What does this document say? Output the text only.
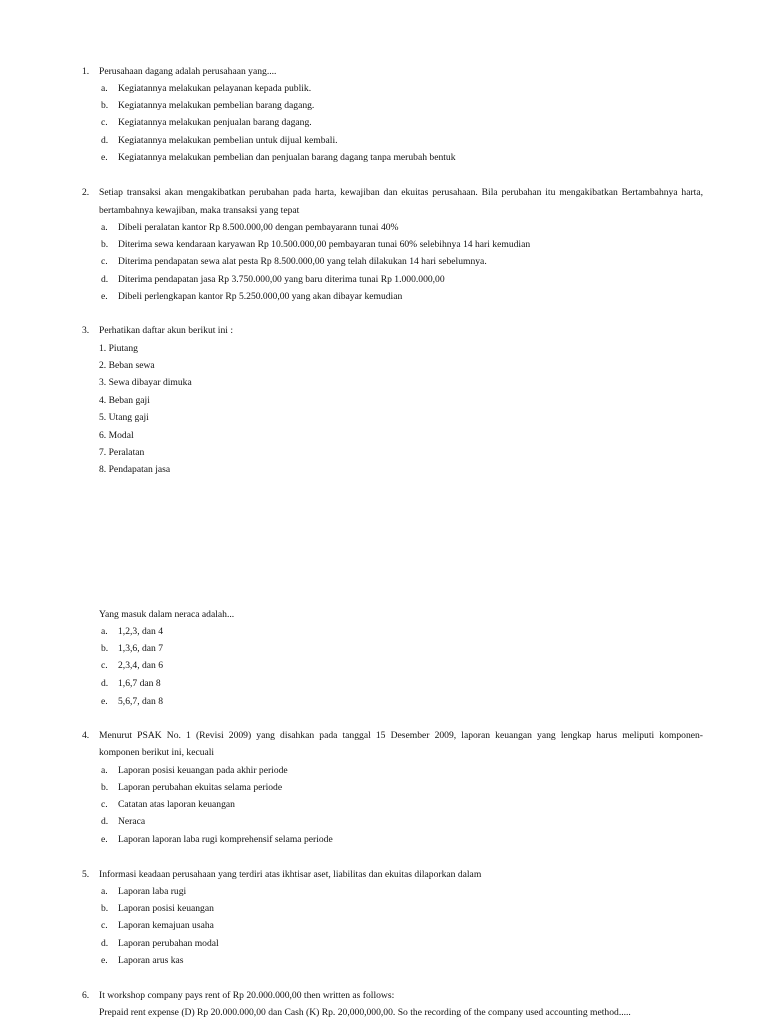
1. Perusahaan dagang adalah perusahaan yang....
a. Kegiatannya melakukan pelayanan kepada publik.
b. Kegiatannya melakukan pembelian barang dagang.
c. Kegiatannya melakukan penjualan barang dagang.
d. Kegiatannya melakukan pembelian untuk dijual kembali.
e. Kegiatannya melakukan pembelian dan penjualan barang dagang tanpa merubah bentuk
2. Setiap transaksi akan mengakibatkan perubahan pada harta, kewajiban dan ekuitas perusahaan. Bila perubahan itu mengakibatkan Bertambahnya harta,
bertambahnya kewajiban, maka transaksi yang tepat
a. Dibeli peralatan kantor Rp 8.500.000,00 dengan pembayarann tunai 40%
b. Diterima sewa kendaraan karyawan Rp 10.500.000,00 pembayaran tunai 60% selebihnya 14 hari kemudian
c. Diterima pendapatan sewa alat pesta Rp 8.500.000,00 yang telah dilakukan 14 hari sebelumnya.
d. Diterima pendapatan jasa Rp 3.750.000,00 yang baru diterima tunai Rp 1.000.000,00
e. Dibeli perlengkapan kantor Rp 5.250.000,00 yang akan dibayar kemudian
3. Perhatikan daftar akun berikut ini :
1. Piutang
2. Beban sewa
3. Sewa dibayar dimuka
4. Beban gaji
5. Utang gaji
6. Modal
7. Peralatan
8. Pendapatan jasa
Yang masuk dalam neraca adalah...
a. 1,2,3, dan 4
b. 1,3,6, dan 7
c. 2,3,4, dan 6
d. 1,6,7 dan 8
e. 5,6,7, dan 8
4. Menurut PSAK No. 1 (Revisi 2009) yang disahkan pada tanggal 15 Desember 2009, laporan keuangan yang lengkap harus meliputi komponen-
komponen berikut ini, kecuali
a. Laporan posisi keuangan pada akhir periode
b. Laporan perubahan ekuitas selama periode
c. Catatan atas laporan keuangan
d. Neraca
e. Laporan laporan laba rugi komprehensif selama periode
5. Informasi keadaan perusahaan yang terdiri atas ikhtisar aset, liabilitas dan ekuitas dilaporkan dalam
a. Laporan laba rugi
b. Laporan posisi keuangan
c. Laporan kemajuan usaha
d. Laporan perubahan modal
e. Laporan arus kas
6. It workshop company pays rent of Rp 20.000.000,00 then written as follows:
Prepaid rent expense (D) Rp 20.000.000,00 dan Cash (K) Rp. 20,000,000,00. So the recording of the company used accounting method.....
